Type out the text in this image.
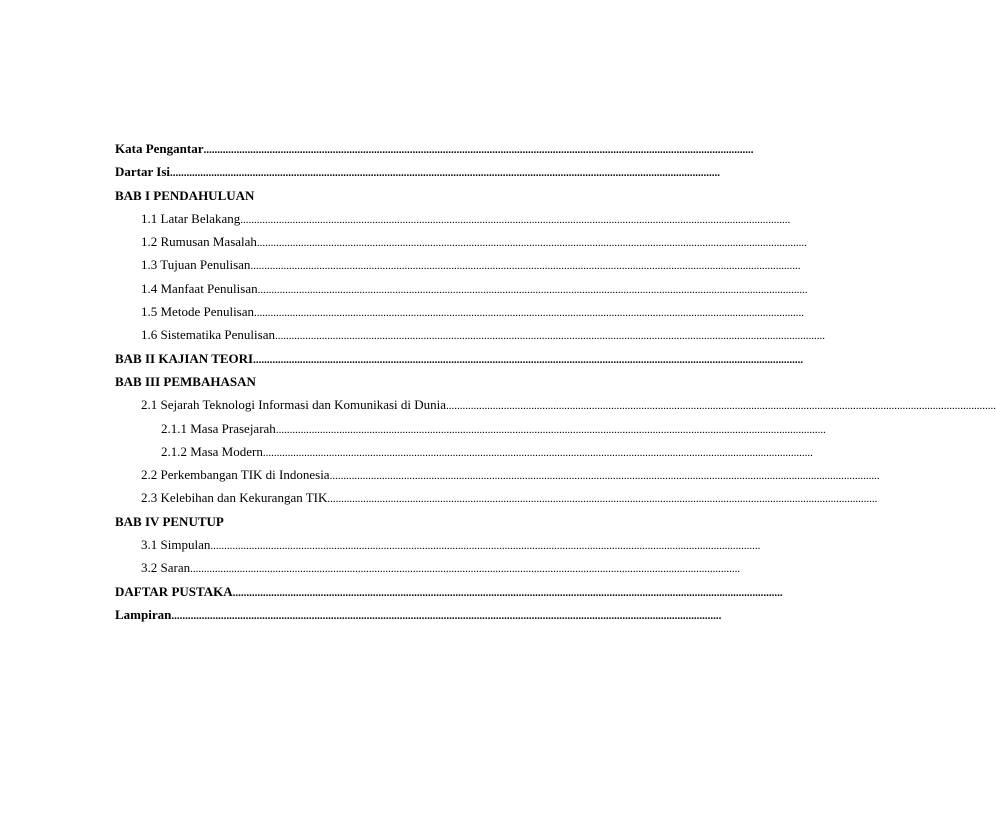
Kata Pengantar ........................................................................................................................................................................................................
Dartar Isi ........................................................................................................................................................................................................
BAB I PENDAHULUAN
1.1 Latar Belakang ........................................................................................................................................................................................................
1.2 Rumusan Masalah ........................................................................................................................................................................................................
1.3 Tujuan Penulisan ........................................................................................................................................................................................................
1.4 Manfaat Penulisan ........................................................................................................................................................................................................
1.5 Metode Penulisan ........................................................................................................................................................................................................
1.6 Sistematika Penulisan ........................................................................................................................................................................................................
BAB II KAJIAN TEORI ........................................................................................................................................................................................................
BAB III PEMBAHASAN
2.1 Sejarah Teknologi Informasi dan Komunikasi di Dunia ........................................................................................................................................................................................................
2.1.1 Masa Prasejarah ........................................................................................................................................................................................................
2.1.2 Masa Modern ........................................................................................................................................................................................................
2.2 Perkembangan TIK di Indonesia ........................................................................................................................................................................................................
2.3 Kelebihan dan Kekurangan TIK ........................................................................................................................................................................................................
BAB IV PENUTUP
3.1 Simpulan ........................................................................................................................................................................................................
3.2 Saran ........................................................................................................................................................................................................
DAFTAR PUSTAKA ........................................................................................................................................................................................................
Lampiran ........................................................................................................................................................................................................
